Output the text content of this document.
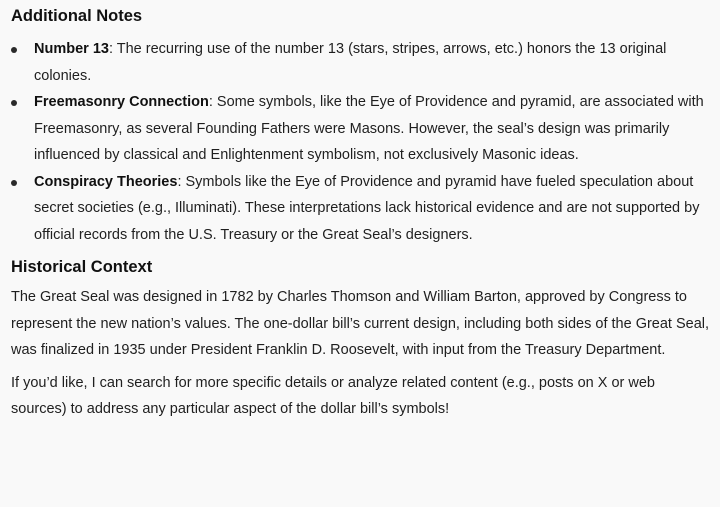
Additional Notes
Number 13: The recurring use of the number 13 (stars, stripes, arrows, etc.) honors the 13 original colonies.
Freemasonry Connection: Some symbols, like the Eye of Providence and pyramid, are associated with Freemasonry, as several Founding Fathers were Masons. However, the seal’s design was primarily influenced by classical and Enlightenment symbolism, not exclusively Masonic ideas.
Conspiracy Theories: Symbols like the Eye of Providence and pyramid have fueled speculation about secret societies (e.g., Illuminati). These interpretations lack historical evidence and are not supported by official records from the U.S. Treasury or the Great Seal’s designers.
Historical Context

The Great Seal was designed in 1782 by Charles Thomson and William Barton, approved by Congress to represent the new nation’s values. The one-dollar bill’s current design, including both sides of the Great Seal, was finalized in 1935 under President Franklin D. Roosevelt, with input from the Treasury Department.

If you’d like, I can search for more specific details or analyze related content (e.g., posts on X or web sources) to address any particular aspect of the dollar bill’s symbols!
